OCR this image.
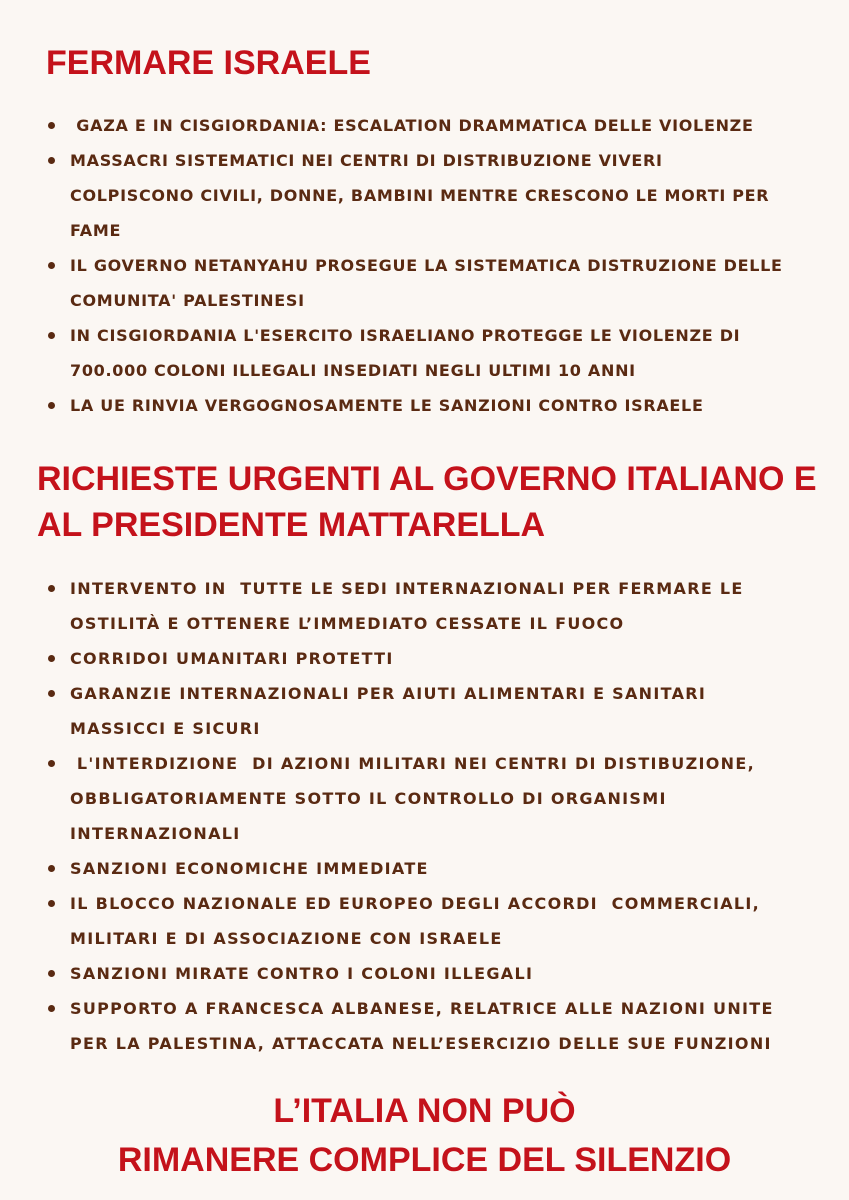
FERMARE ISRAELE
GAZA E IN CISGIORDANIA: ESCALATION DRAMMATICA DELLE VIOLENZE
MASSACRI SISTEMATICI NEI CENTRI DI DISTRIBUZIONE VIVERI
COLPISCONO CIVILI, DONNE, BAMBINI MENTRE CRESCONO LE MORTI PER
FAME
IL GOVERNO NETANYAHU PROSEGUE LA SISTEMATICA DISTRUZIONE DELLE
COMUNITA' PALESTINESI
IN CISGIORDANIA L'ESERCITO ISRAELIANO PROTEGGE LE VIOLENZE DI
700.000 COLONI ILLEGALI INSEDIATI NEGLI ULTIMI 10 ANNI
LA UE RINVIA VERGOGNOSAMENTE LE SANZIONI CONTRO ISRAELE
RICHIESTE URGENTI AL GOVERNO ITALIANO E
AL PRESIDENTE MATTARELLA
INTERVENTO IN  TUTTE LE SEDI INTERNAZIONALI PER FERMARE LE
OSTILITÀ E OTTENERE L’IMMEDIATO CESSATE IL FUOCO
CORRIDOI UMANITARI PROTETTI
GARANZIE INTERNAZIONALI PER AIUTI ALIMENTARI E SANITARI
MASSICCI E SICURI
L'INTERDIZIONE  DI AZIONI MILITARI NEI CENTRI DI DISTIBUZIONE,
OBBLIGATORIAMENTE SOTTO IL CONTROLLO DI ORGANISMI
INTERNAZIONALI
SANZIONI ECONOMICHE IMMEDIATE
IL BLOCCO NAZIONALE ED EUROPEO DEGLI ACCORDI  COMMERCIALI,
MILITARI E DI ASSOCIAZIONE CON ISRAELE
SANZIONI MIRATE CONTRO I COLONI ILLEGALI
SUPPORTO A FRANCESCA ALBANESE, RELATRICE ALLE NAZIONI UNITE
PER LA PALESTINA, ATTACCATA NELL’ESERCIZIO DELLE SUE FUNZIONI
L’ITALIA NON PUÒ
RIMANERE COMPLICE DEL SILENZIO
